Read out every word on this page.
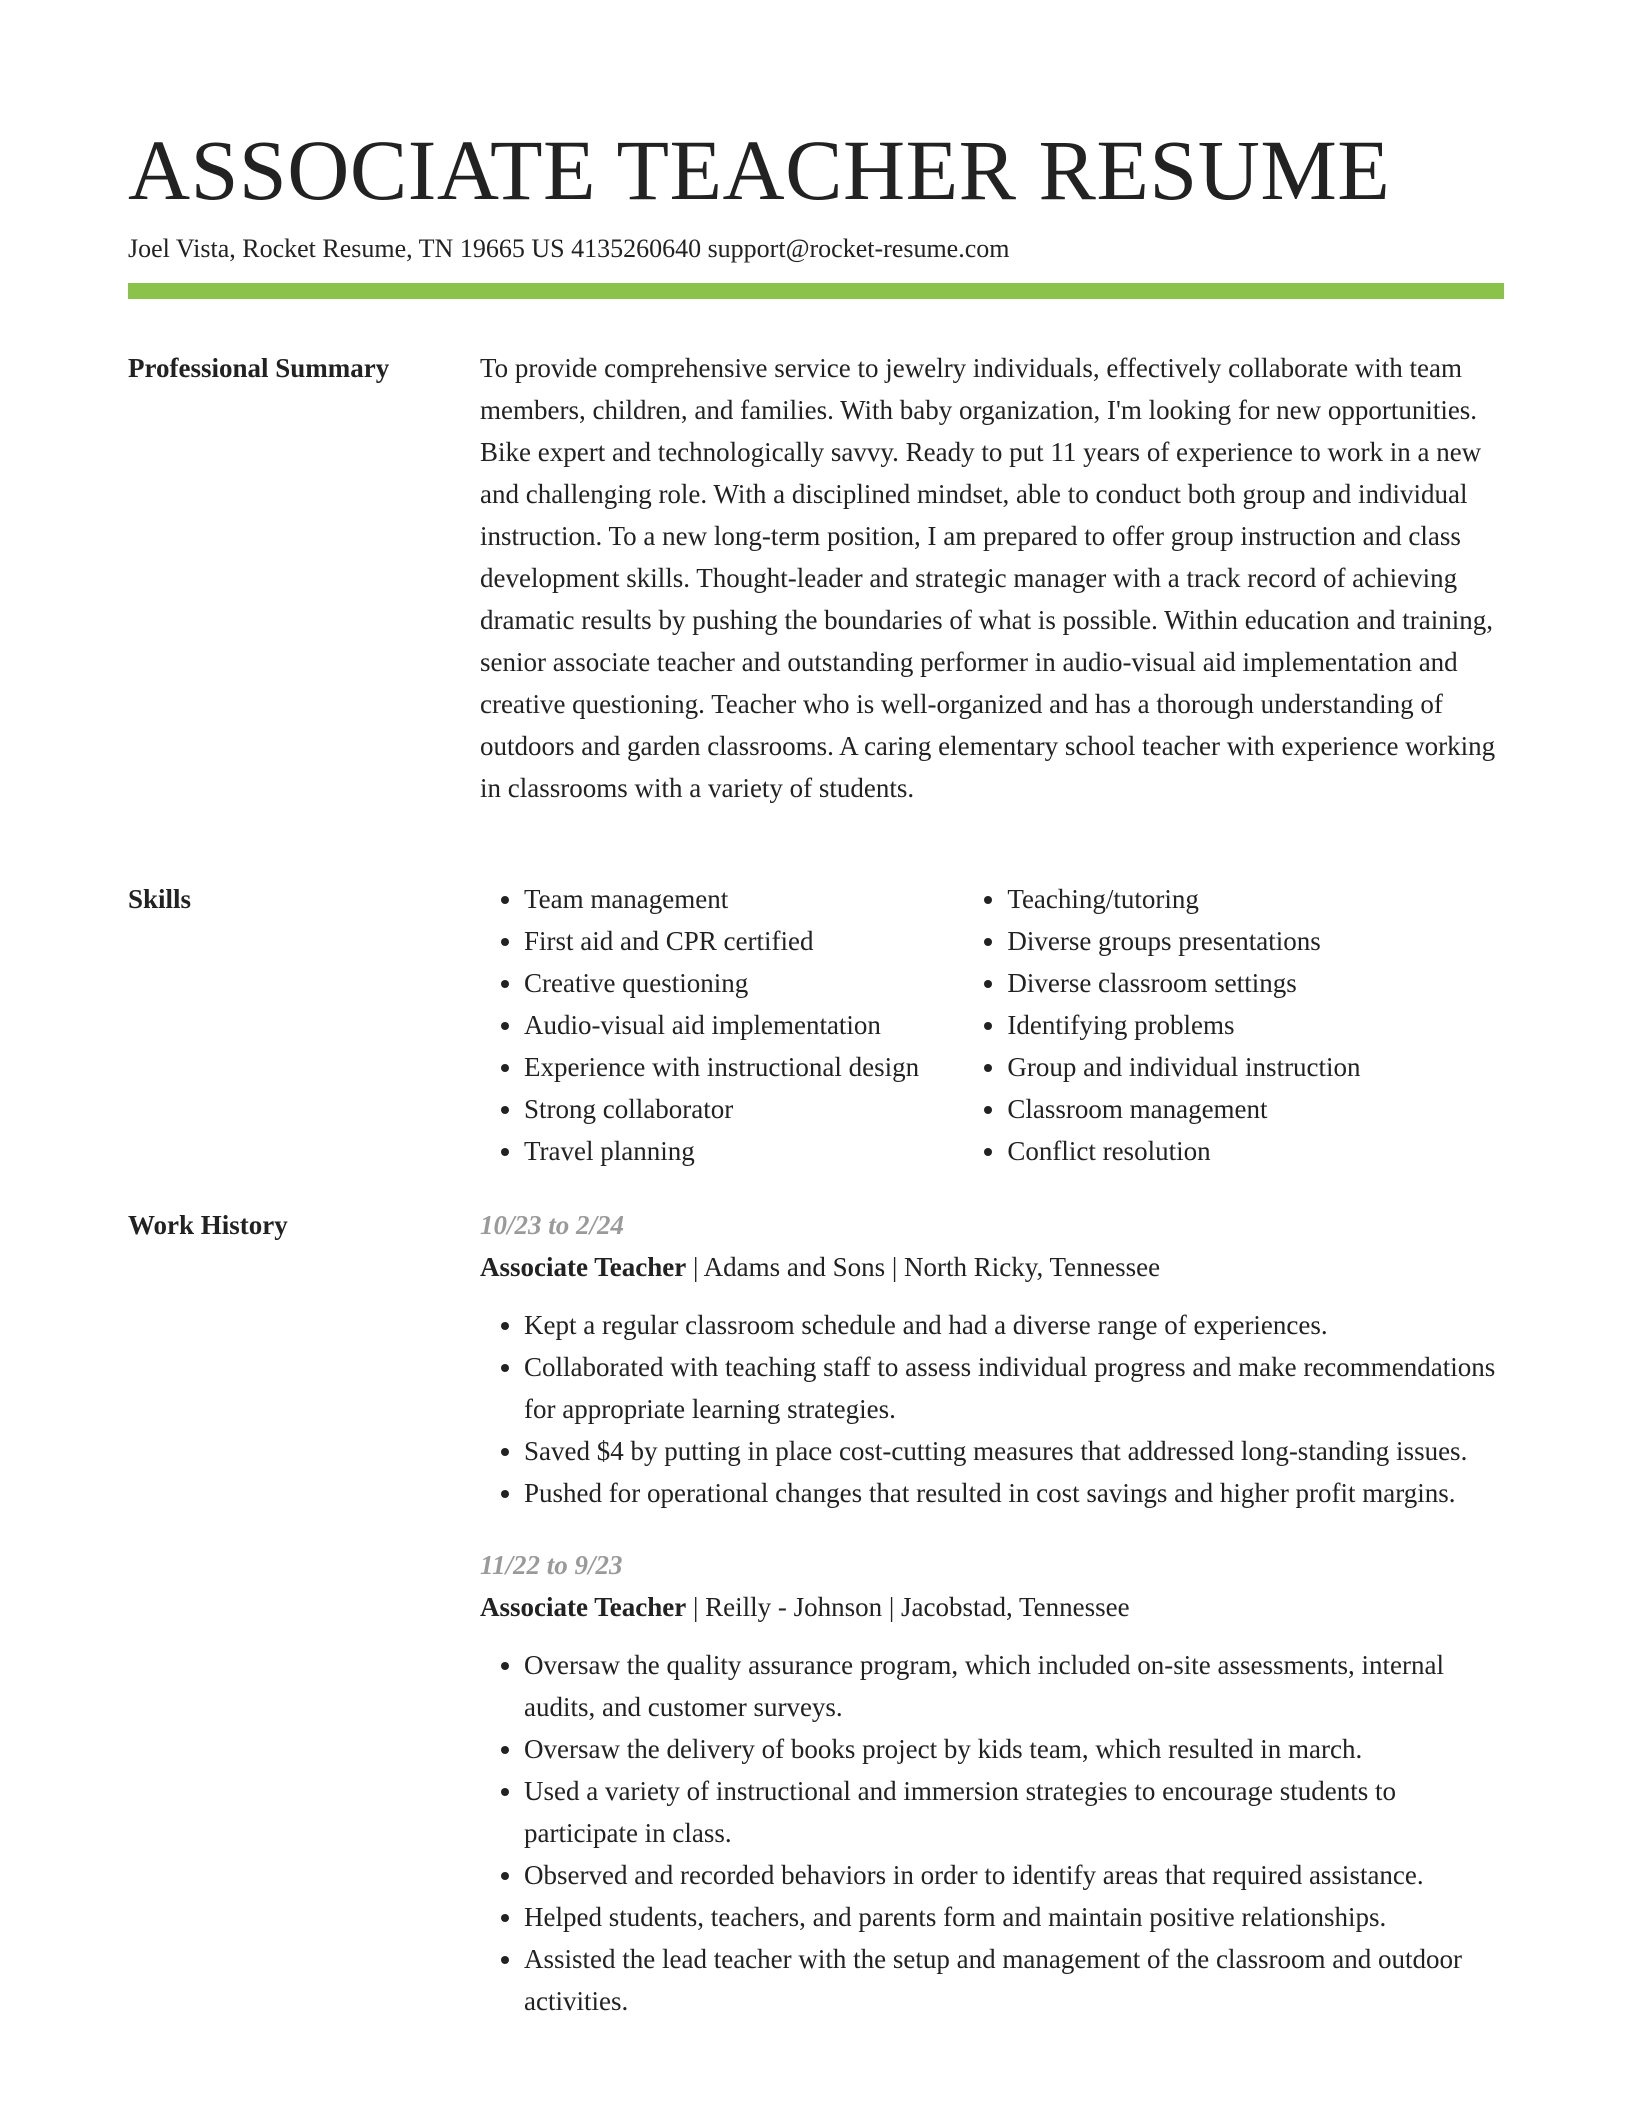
ASSOCIATE TEACHER RESUME
Joel Vista, Rocket Resume, TN 19665 US 4135260640 support@rocket-resume.com
Professional Summary	To provide comprehensive service to jewelry individuals, effectively collaborate with team members, children, and families. With baby organization, I'm looking for new opportunities. Bike expert and technologically savvy. Ready to put 11 years of experience to work in a new and challenging role. With a disciplined mindset, able to conduct both group and individual instruction. To a new long-term position, I am prepared to offer group instruction and class development skills. Thought-leader and strategic manager with a track record of achieving dramatic results by pushing the boundaries of what is possible. Within education and training, senior associate teacher and outstanding performer in audio-visual aid implementation and creative questioning. Teacher who is well-organized and has a thorough understanding of outdoors and garden classrooms. A caring elementary school teacher with experience working in classrooms with a variety of students.

Skills
•	Team management
• First aid and CPR certified
• Creative questioning
• Audio-visual aid implementation
• Experience with instructional design
• Strong collaborator
• Travel planning
• Teaching/tutoring
• Diverse groups presentations
• Diverse classroom settings
• Identifying problems
• Group and individual instruction
• Classroom management
• Conflict resolution
Work History	10/23 to 2/24
Associate Teacher | Adams and Sons | North Ricky, Tennessee
• Kept a regular classroom schedule and had a diverse range of experiences.
• Collaborated with teaching staff to assess individual progress and make recommendations for appropriate learning strategies.
• Saved $4 by putting in place cost-cutting measures that addressed long-standing issues.
• Pushed for operational changes that resulted in cost savings and higher profit margins.
11/22 to 9/23
Associate Teacher | Reilly - Johnson | Jacobstad, Tennessee
• Oversaw the quality assurance program, which included on-site assessments, internal audits, and customer surveys.
• Oversaw the delivery of books project by kids team, which resulted in march.
• Used a variety of instructional and immersion strategies to encourage students to participate in class.
• Observed and recorded behaviors in order to identify areas that required assistance.
• Helped students, teachers, and parents form and maintain positive relationships.
• Assisted the lead teacher with the setup and management of the classroom and outdoor activities.
